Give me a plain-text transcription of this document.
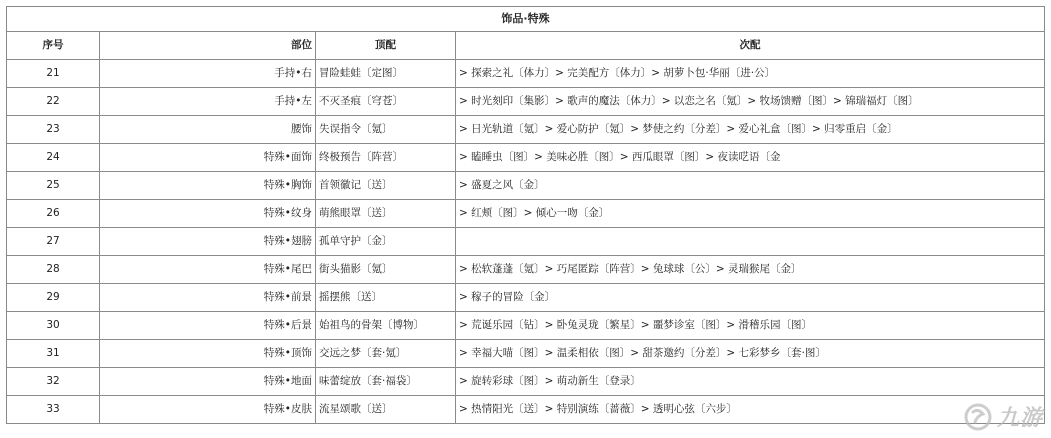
饰品·特殊			
序号	部位	顶配	次配
21	手持•右	冒险蛙蛙〔定图〕	> 探索之礼〔体力〕> 完美配方〔体力〕> 胡萝卜包·华丽〔进·公〕
22	手持•左	不灭圣痕〔穹苍〕	> 时光刻印〔集影〕> 歌声的魔法〔体力〕> 以恋之名〔氪〕> 牧场馈赠〔图〕> 锦瑞福灯〔图〕
23	腰饰	失误指令〔氪〕	> 日光轨道〔氪〕> 爱心防护〔氪〕> 梦使之约〔分差〕> 爱心礼盒〔图〕> 归零重启〔金〕
24	特殊•面饰	终极预告〔阵营〕	> 瞌睡虫〔图〕> 美味必胜〔图〕> 西瓜眼罩〔图〕> 夜读呓语〔金
25	特殊•胸饰	首领徽记〔送〕	> 盛夏之风〔金〕
26	特殊•纹身	萌熊眼罩〔送〕	> 红颊〔图〕> 倾心一吻〔金〕
27	特殊•翅膀	孤单守护〔金〕	
28	特殊•尾巴	街头猫影〔氪〕	> 松软蓬蓬〔氪〕> 巧尾匿踪〔阵营〕> 兔球球〔公〕> 灵瑞猴尾〔金〕
29	特殊•前景	摇摆熊〔送〕	> 稼子的冒险〔金〕
30	特殊•后景	始祖鸟的骨架〔博物〕	> 荒诞乐园〔钻〕> 卧兔灵珑〔繁星〕> 噩梦诊室〔图〕> 滑稽乐园〔图〕
31	特殊•顶饰	交远之梦〔套·氪〕	> 幸福大喵〔图〕> 温柔相依〔图〕> 甜茶邀约〔分差〕> 七彩梦乡〔套·图〕
32	特殊•地面	味蕾绽放〔套·福袋〕	> 旋转彩球〔图〕> 萌动新生〔登录〕
33	特殊•皮肤	流星颂歌〔送〕	> 热情阳光〔送〕> 特别演练〔蔷薇〕> 透明心弦〔六步〕	九游
